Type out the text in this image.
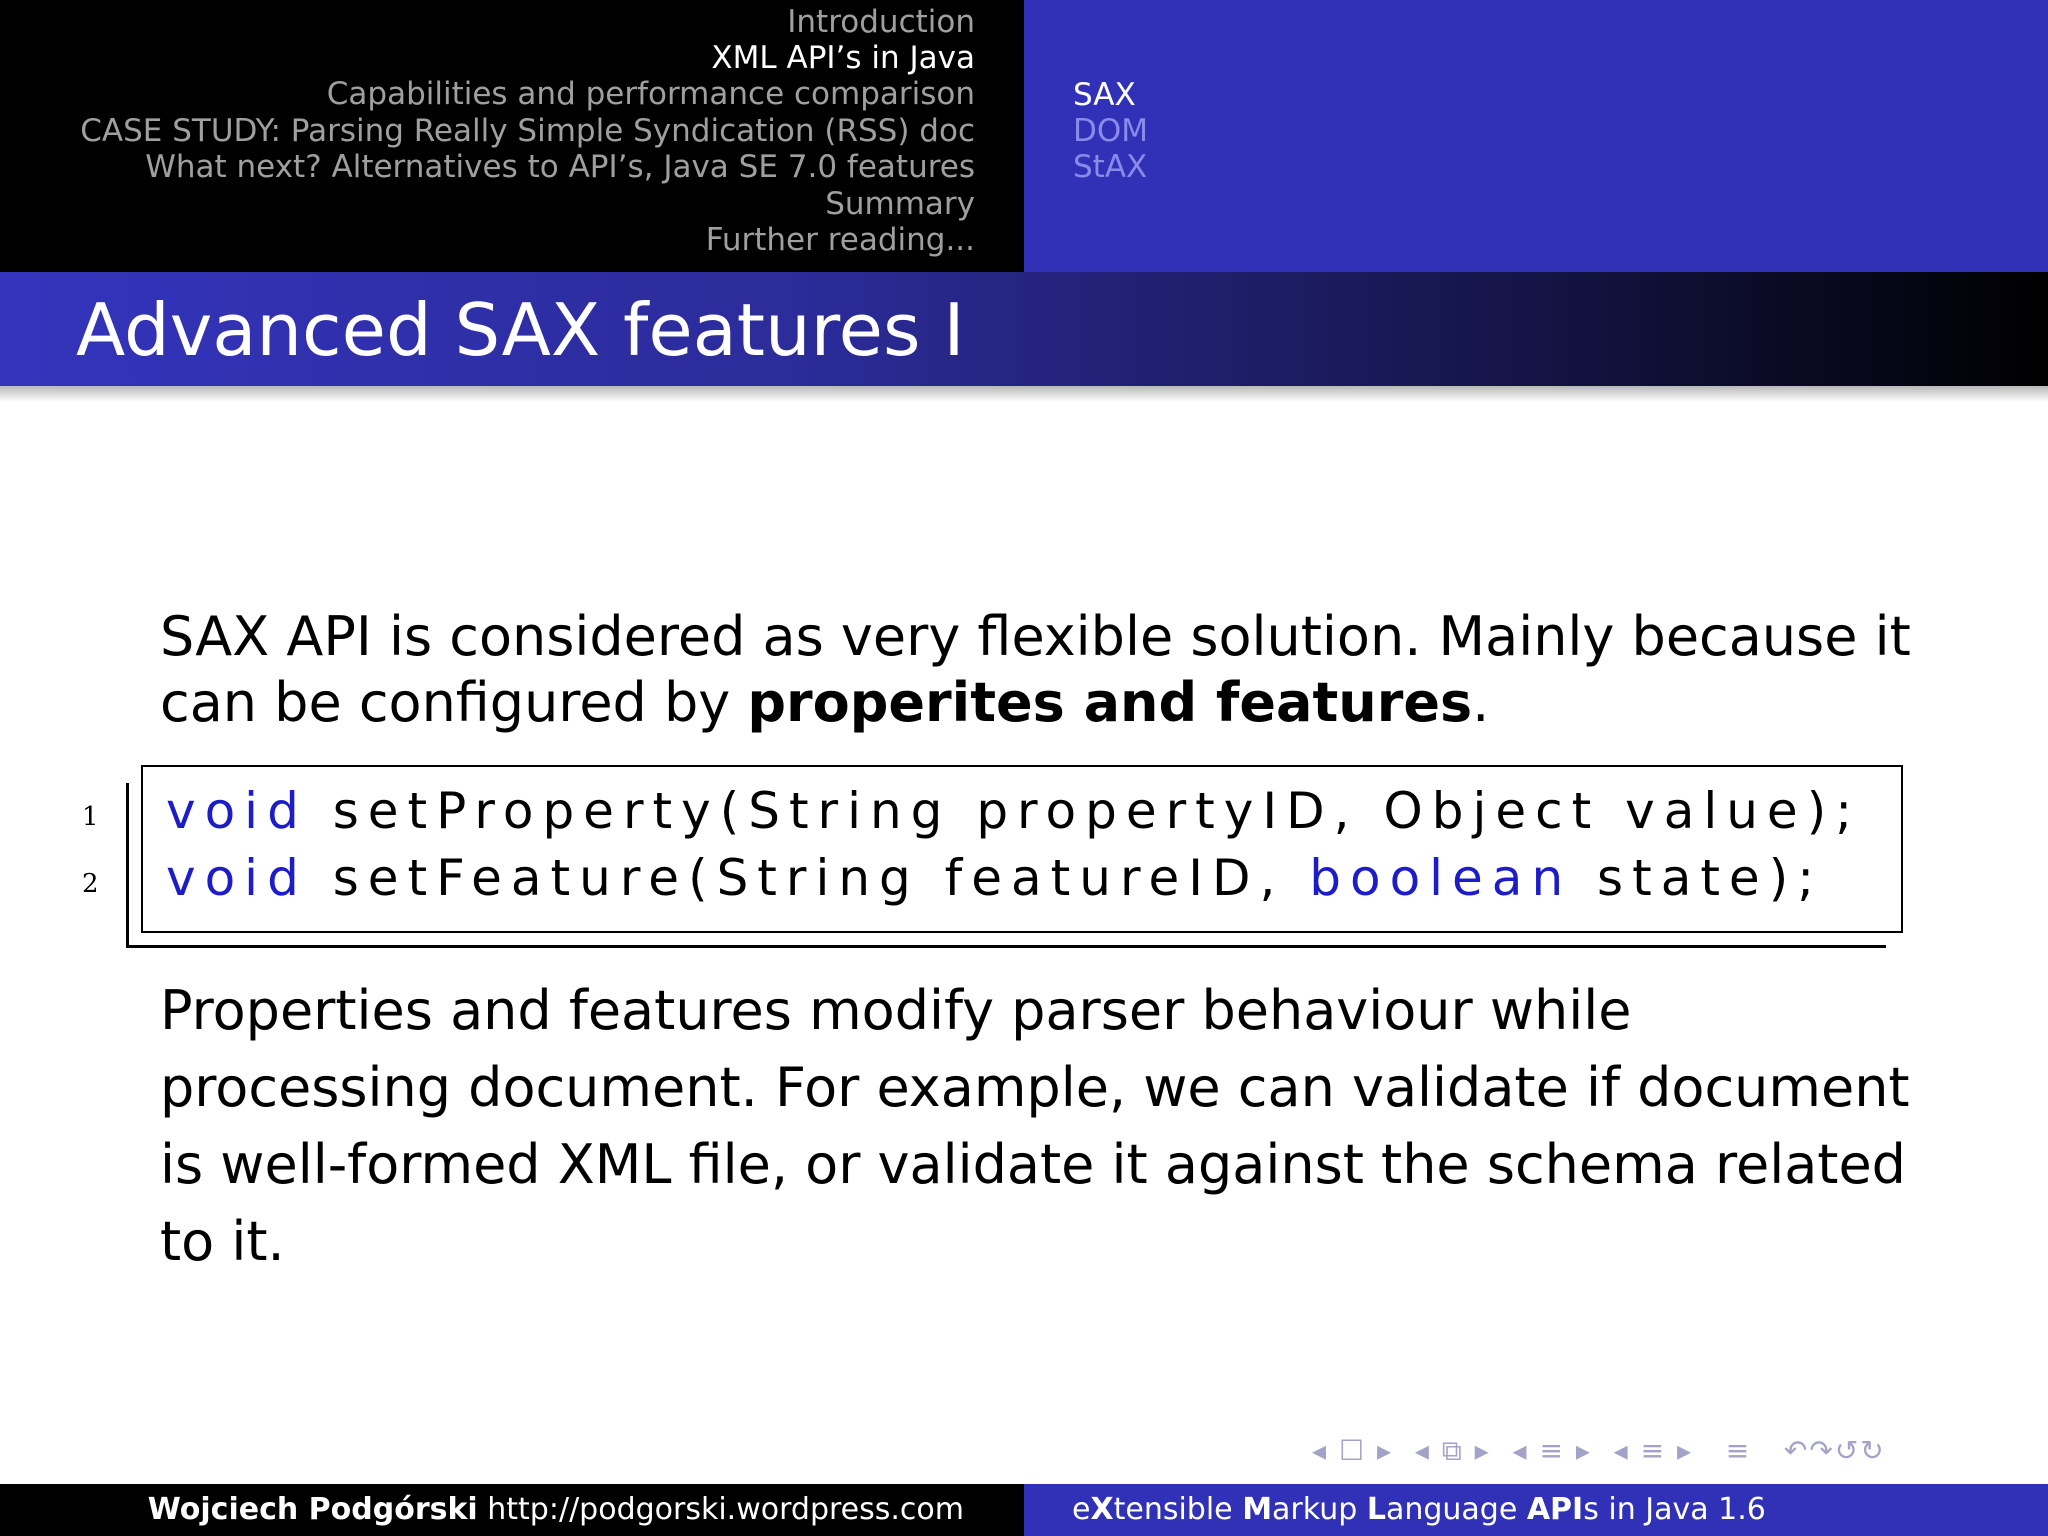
Introduction
XML API’s in Java
Capabilities and performance comparison
CASE STUDY: Parsing Really Simple Syndication (RSS) doc
What next? Alternatives to API’s, Java SE 7.0 features
Summary
Further reading...
SAX
DOM
StAX
Advanced SAX features I
SAX API is considered as very flexible solution. Mainly because it can be configured by properites and features.
1
2
void setProperty(String propertyID, Object value);
void setFeature(String featureID, boolean state);
Properties and features modify parser behaviour while processing document. For example, we can validate if document is well-formed XML file, or validate it against the schema related to it.
◂ ☐ ▸  ◂ ⧉ ▸  ◂ ≡ ▸  ◂ ≡ ▸   ≡   ↶↷↺↻
Wojciech Podgórski http://podgorski.wordpress.com	eXtensible Markup Language APIs in Java 1.6
